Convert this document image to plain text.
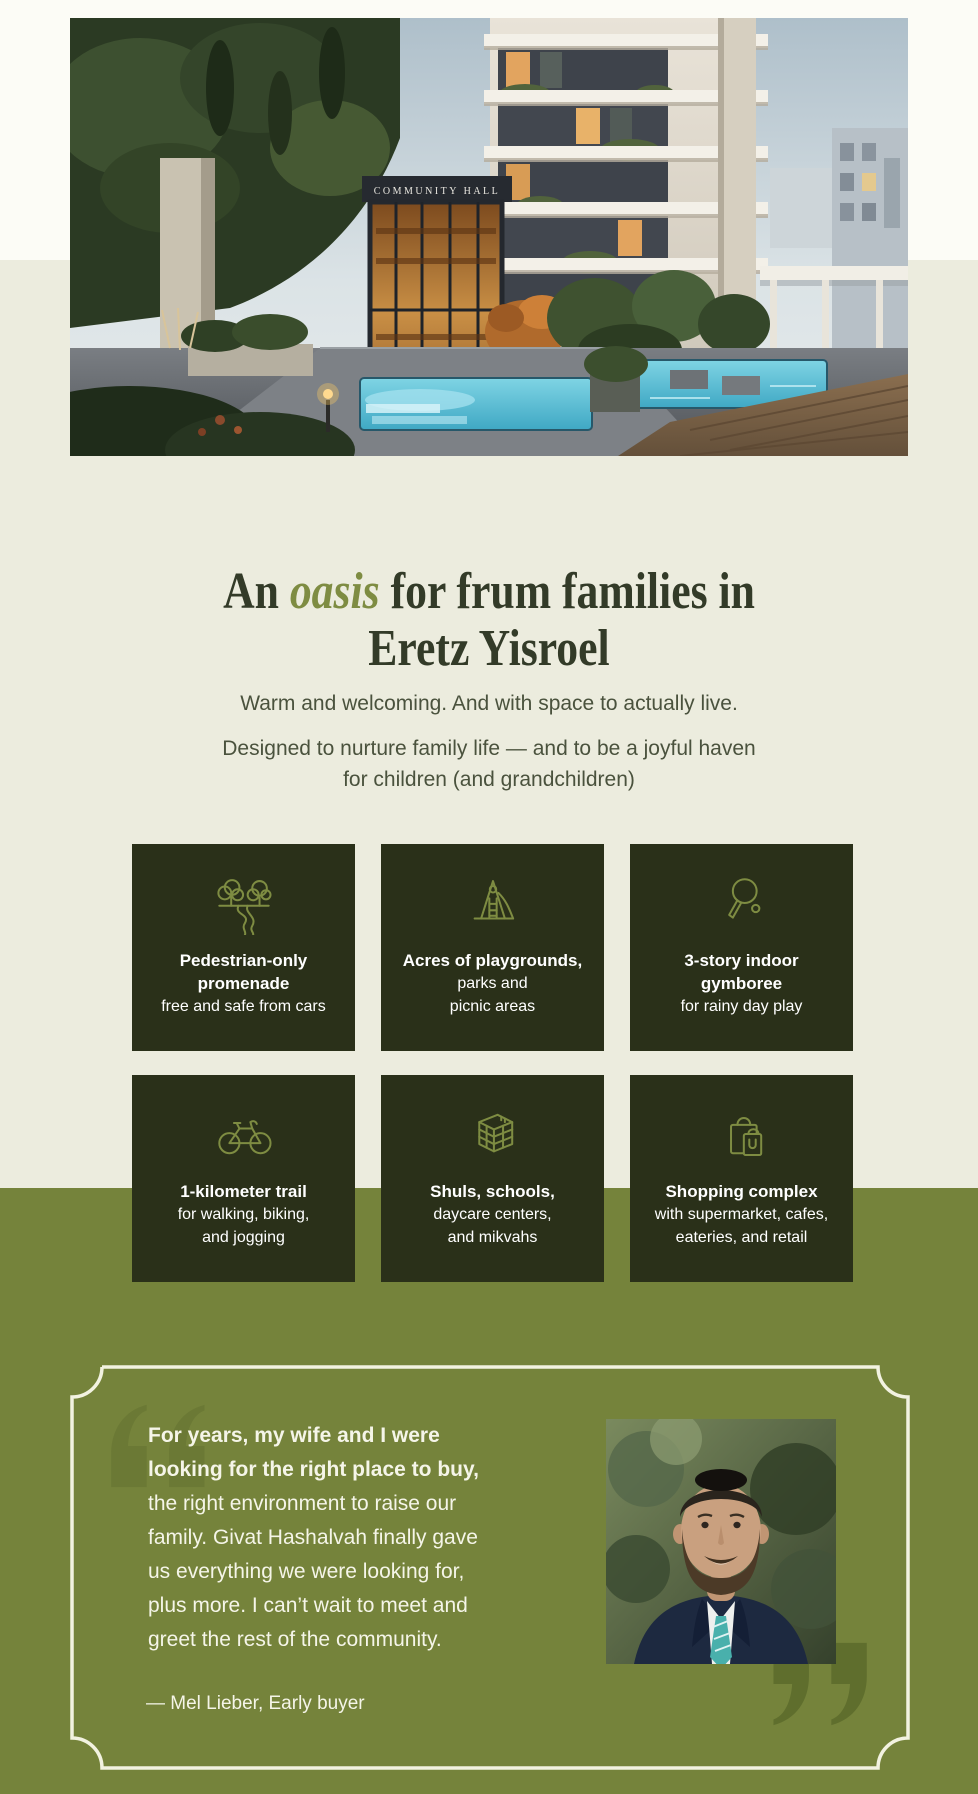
COMMUNITY HALL
An oasis for frum families in
Eretz Yisroel

Warm and welcoming. And with space to actually live.

Designed to nurture family life — and to be a joyful haven
for children (and grandchildren)

Pedestrian-only
promenade
free and safe from cars
Acres of playgrounds,
parks and
picnic areas
3-story indoor
gymboree
for rainy day play
1-kilometer trail
for walking, biking,
and jogging
Shuls, schools,
daycare centers,
and mikvahs
Shopping complex
with supermarket, cafes,
eateries, and retail
For years, my wife and I were
looking for the right place to buy,
the right environment to raise our
family. Givat Hashalvah finally gave
us everything we were looking for,
plus more. I can’t wait to meet and
greet the rest of the community.
— Mel Lieber, Early buyer
